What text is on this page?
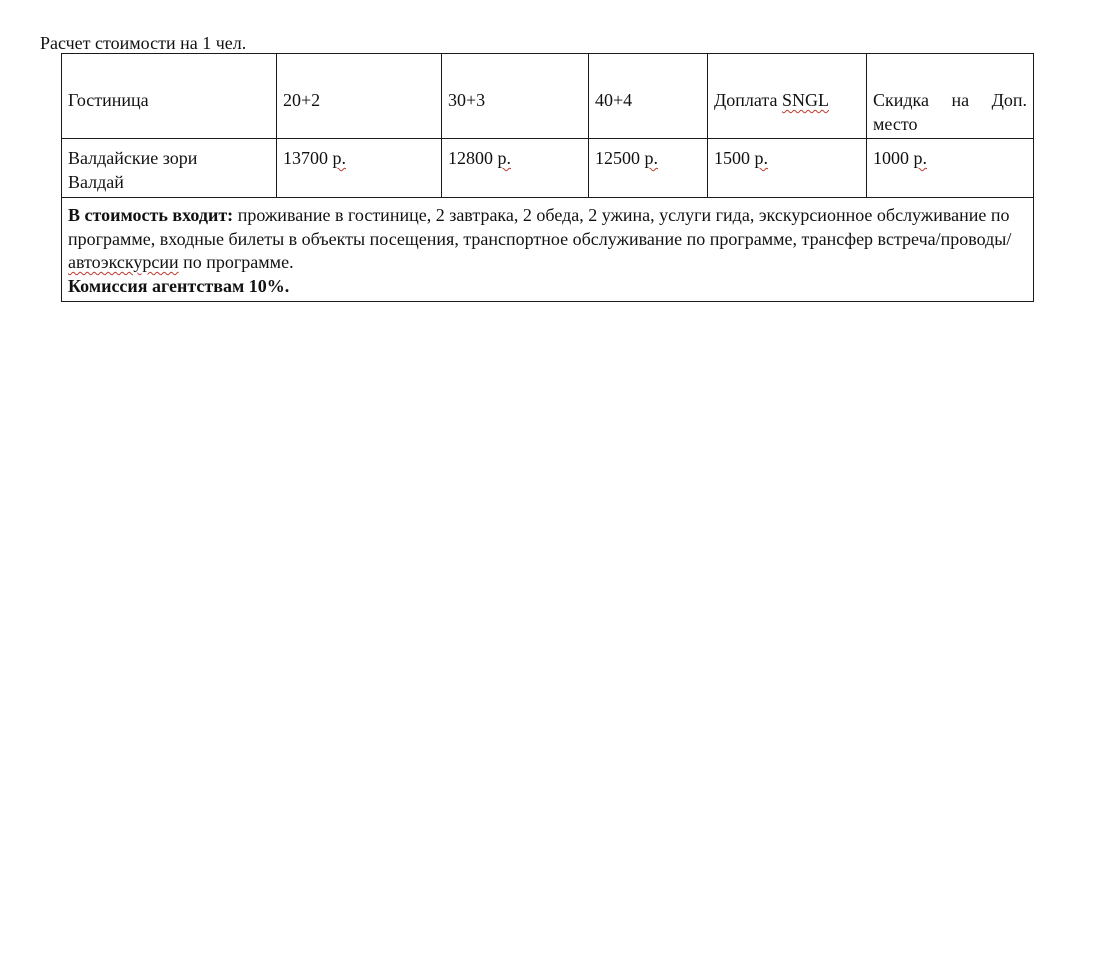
Расчет стоимости на 1 чел.
Гостиница	20+2	30+3	40+4	Доплата SNGL	Скидка на Доп.
место

Валдайские зори
Валдай	13700 р.	12800 р.	12500 р.	1500 р.	1000 р.

В стоимость входит: проживание в гостинице, 2 завтрака, 2 обеда, 2 ужина, услуги гида, экскурсионное обслуживание по программе, входные билеты в объекты посещения, транспортное обслуживание по программе, трансфер встреча/проводы/автоэкскурсии по программе.
Комиссия агентствам 10%.					
